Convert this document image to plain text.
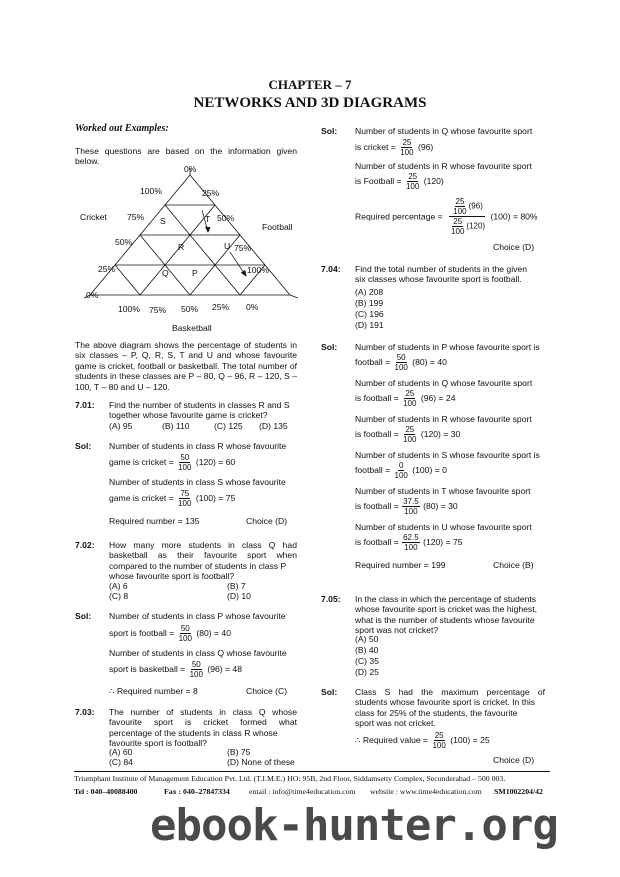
CHAPTER – 7
NETWORKS AND 3D DIAGRAMS
Worked out Examples:
These questions are based on the information given below.
0%
100%
75%
50%
25%
0%
25%
50%
75%
100%
100% 75% 50% 25% 0%
Cricket
Football
Basketball
S	T
R	U
Q	P
The above diagram shows the percentage of students in six classes – P, Q, R, S, T and U and whose favourite game is cricket, football or basketball. The total number of students in these classes are P – 80, Q – 96, R – 120, S – 100, T – 80 and U – 120.
7.01: Find the number of students in classes R and S together whose favourite game is cricket?
(A) 95	(B) 110	(C) 125 (D) 135
Sol: Number of students in class R whose favourite
game is cricket = $\frac{50}{100} (120) = 60$
Number of students in class S whose favourite
game is cricket = $\frac{75}{100} (100) = 75$
Required number = 135	Choice (D)
7.02: How many more students in class Q had
basketball as their favourite sport when
compared to the number of students in class P
whose favourite sport is football?
(A) 6	(B) 7
(C) 8	(D) 10
Sol: Number of students in class P whose favourite
sport is football = $\frac{50}{100} (80) = 40$
Number of students in class Q whose favourite
sport is basketball = $\frac{50}{100} (96) = 48$
∴ Required number = 8	Choice (C)
7.03: The number of students in class Q whose
favourite sport is cricket formed what
percentage of the students in class R whose
favourite sport is football?
(A) 60	(B) 75
(C) 84	(D) None of these
Sol: Number of students in Q whose favourite sport
is cricket = $\frac{25}{100} (96)$
Number of students in R whose favourite sport
is Football = $\frac{25}{100} (120)$
Required percentage = $\frac{\frac{25}{100} (96)}{\frac{25}{100} (120)} (100) = 80\%$
Choice (D)
7.04: Find the total number of students in the given
six classes whose favourite sport is football.
(A) 208
(B) 199
(C) 196
(D) 191
Sol: Number of students in P whose favourite sport is
football = $\frac{50}{100} (80) = 40$
Number of students in Q whose favourite sport
is football = $\frac{25}{100} (96) = 24$
Number of students in R whose favourite sport
is football = $\frac{25}{100} (120) = 30$
Number of students in S whose favourite sport is
football = $\frac{0}{100} (100) = 0$
Number of students in T whose favourite sport
is football = $\frac{37.5}{100} (80) = 30$
Number of students in U whose favourite sport
is football = $\frac{62.5}{100} (120) = 75$
Required number = 199	Choice (B)
7.05: In the class in which the percentage of students
whose favourite sport is cricket was the highest,
what is the number of students whose favourite
sport was not cricket?
(A) 50
(B) 40
(C) 35
(D) 25
Sol: Class S had the maximum percentage of
students whose favourite sport is cricket. In this
class for 25% of the students, the favourite
sport was not cricket.
∴ Required value = $\frac{25}{100} (100) = 25$
Choice (D)
Triumphant Institute of Management Education Pvt. Ltd. (T.I.M.E.) HO: 95B, 2nd Floor, Siddamsetty Complex, Secunderabad – 500 003.
Tel : 040–40088400	Fax : 040–27847334 email : info@time4education.com website : www.time4education.com SM1002204/42
ebook-hunter.org
